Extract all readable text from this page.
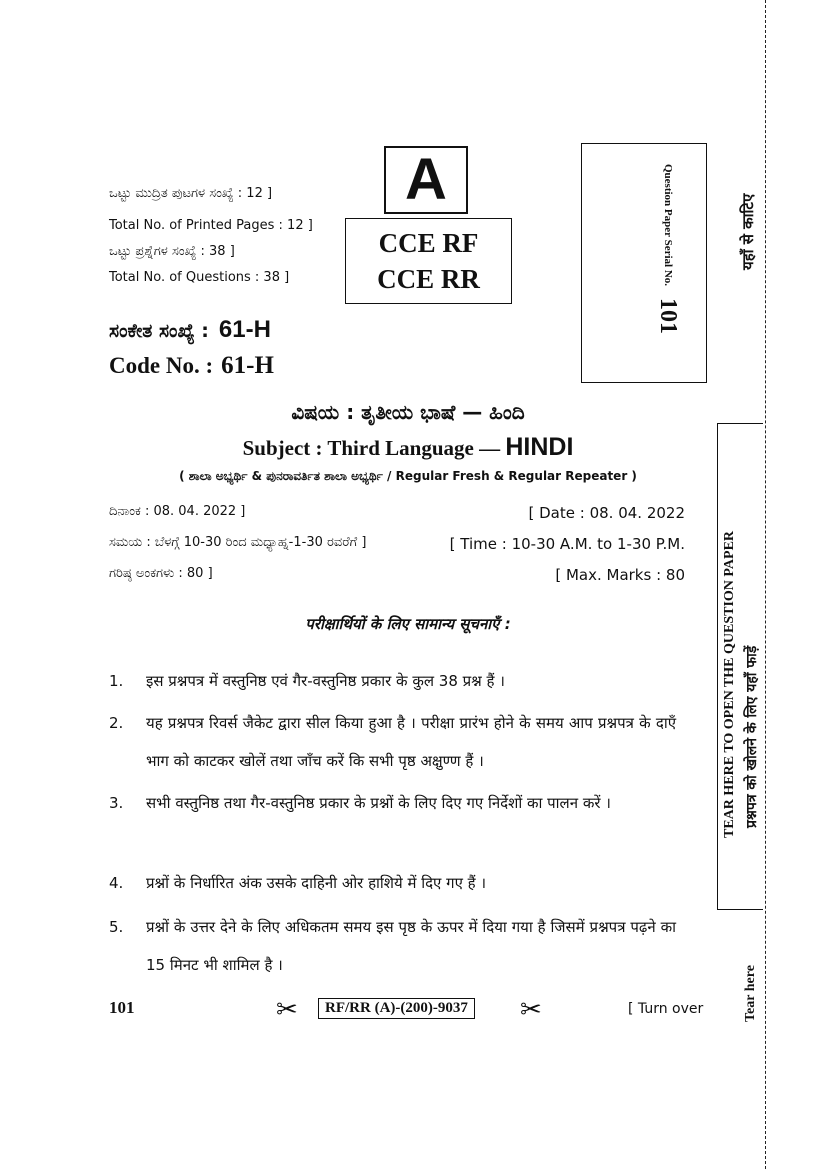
ಒಟ್ಟು ಮುದ್ರಿತ ಪುಟಗಳ ಸಂಖ್ಯೆ : 12 ]
Total No. of Printed Pages : 12 ]
ಒಟ್ಟು ಪ್ರಶ್ನೆಗಳ ಸಂಖ್ಯೆ : 38 ]
Total No. of Questions : 38 ]
A
CCE RF
CCE RR	Question Paper Serial No.
101
ಸಂಕೇತ ಸಂಖ್ಯೆ : 61-H
Code No. : 61-H
ವಿಷಯ : ತೃತೀಯ ಭಾಷೆ — ಹಿಂದಿ
Subject : Third Language — HINDI
( ಶಾಲಾ ಅಭ್ಯರ್ಥಿ & ಪುನರಾವರ್ತಿತ ಶಾಲಾ ಅಭ್ಯರ್ಥಿ / Regular Fresh & Regular Repeater )
ದಿನಾಂಕ : 08. 04. 2022 ]	[ Date : 08. 04. 2022
ಸಮಯ : ಬೆಳಗ್ಗೆ 10-30 ರಿಂದ ಮಧ್ಯಾಹ್ನ-1-30 ರವರೆಗೆ ]	[ Time : 10-30 A.M. to 1-30 P.M.
ಗರಿಷ್ಠ ಅಂಕಗಳು : 80 ]	[ Max. Marks : 80
परीक्षार्थियों के लिए सामान्य सूचनाएँ :
1.	इस प्रश्नपत्र में वस्तुनिष्ठ एवं गैर-वस्तुनिष्ठ प्रकार के कुल 38 प्रश्न हैं ।
2.	यह प्रश्नपत्र रिवर्स जैकेट द्वारा सील किया हुआ है । परीक्षा प्रारंभ होने के समय आप प्रश्नपत्र के दाएँ भाग को काटकर खोलें तथा जाँच करें कि सभी पृष्ठ अक्षुण्ण हैं ।
3.	सभी वस्तुनिष्ठ तथा गैर-वस्तुनिष्ठ प्रकार के प्रश्नों के लिए दिए गए निर्देशों का पालन करें ।
4.	प्रश्नों के निर्धारित अंक उसके दाहिनी ओर हाशिये में दिए गए हैं ।
5.	प्रश्नों के उत्तर देने के लिए अधिकतम समय इस पृष्ठ के ऊपर में दिया गया है जिसमें प्रश्नपत्र पढ़ने का 15 मिनट भी शामिल है ।
101	✂	RF/RR (A)-(200)-9037 ✂	[ Turn over
यहाँ से काटिए
TEAR HERE TO OPEN THE QUESTION PAPER प्रश्नपत्र को खोलने के लिए यहाँ फाड़ें
Tear here
